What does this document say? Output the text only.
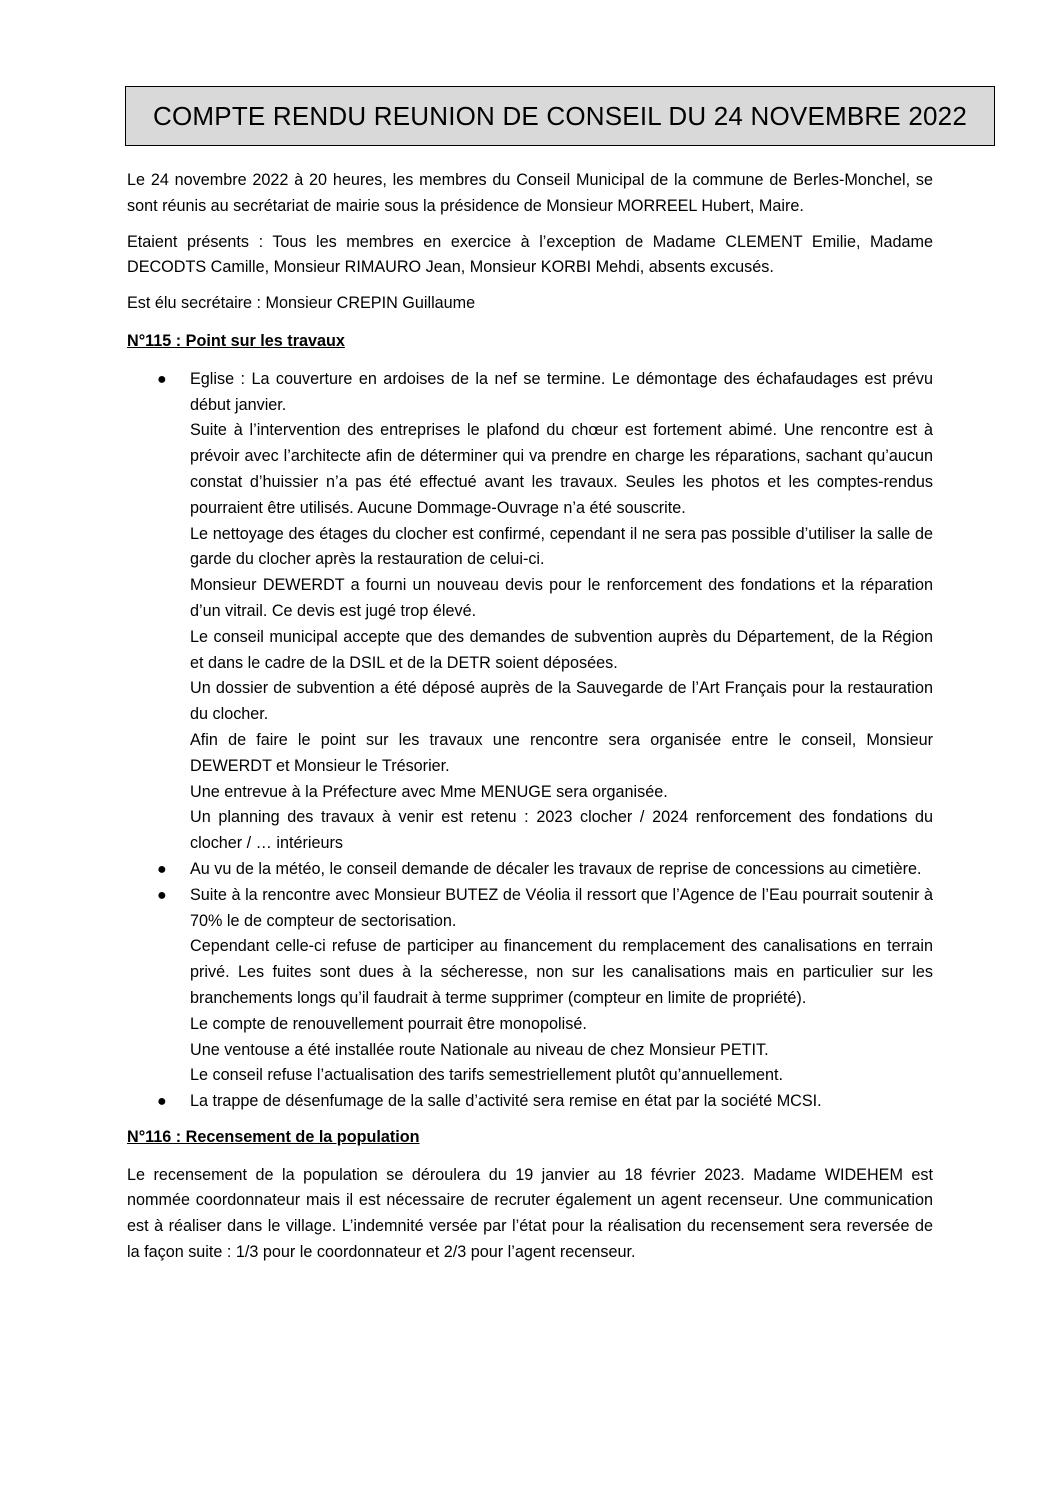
COMPTE RENDU REUNION DE CONSEIL DU 24 NOVEMBRE 2022

Le 24 novembre 2022 à 20 heures, les membres du Conseil Municipal de la commune de Berles-Monchel, se sont réunis au secrétariat de mairie sous la présidence de Monsieur MORREEL Hubert, Maire.

Etaient présents : Tous les membres en exercice à l’exception de Madame CLEMENT Emilie, Madame DECODTS Camille, Monsieur RIMAURO Jean, Monsieur KORBI Mehdi, absents excusés.

Est élu secrétaire : Monsieur CREPIN Guillaume

N°115 : Point sur les travaux
● Eglise : La couverture en ardoises de la nef se termine. Le démontage des échafaudages est prévu début janvier.
Suite à l’intervention des entreprises le plafond du chœur est fortement abimé. Une rencontre est à prévoir avec l’architecte afin de déterminer qui va prendre en charge les réparations, sachant qu’aucun constat d’huissier n’a pas été effectué avant les travaux. Seules les photos et les comptes-rendus pourraient être utilisés. Aucune Dommage-Ouvrage n’a été souscrite.
Le nettoyage des étages du clocher est confirmé, cependant il ne sera pas possible d’utiliser la salle de garde du clocher après la restauration de celui-ci.
Monsieur DEWERDT a fourni un nouveau devis pour le renforcement des fondations et la réparation d’un vitrail. Ce devis est jugé trop élevé.
Le conseil municipal accepte que des demandes de subvention auprès du Département, de la Région et dans le cadre de la DSIL et de la DETR soient déposées.
Un dossier de subvention a été déposé auprès de la Sauvegarde de l’Art Français pour la restauration du clocher.
Afin de faire le point sur les travaux une rencontre sera organisée entre le conseil, Monsieur DEWERDT et Monsieur le Trésorier.
Une entrevue à la Préfecture avec Mme MENUGE sera organisée.
Un planning des travaux à venir est retenu : 2023 clocher / 2024 renforcement des fondations du clocher / … intérieurs
● Au vu de la météo, le conseil demande de décaler les travaux de reprise de concessions au cimetière.
● Suite à la rencontre avec Monsieur BUTEZ de Véolia il ressort que l’Agence de l’Eau pourrait soutenir à 70% le de compteur de sectorisation.
Cependant celle-ci refuse de participer au financement du remplacement des canalisations en terrain privé. Les fuites sont dues à la sécheresse, non sur les canalisations mais en particulier sur les branchements longs qu’il faudrait à terme supprimer (compteur en limite de propriété).
Le compte de renouvellement pourrait être monopolisé.
Une ventouse a été installée route Nationale au niveau de chez Monsieur PETIT.
Le conseil refuse l’actualisation des tarifs semestriellement plutôt qu’annuellement.
● La trappe de désenfumage de la salle d’activité sera remise en état par la société MCSI.
N°116 : Recensement de la population

Le recensement de la population se déroulera du 19 janvier au 18 février 2023. Madame WIDEHEM est nommée coordonnateur mais il est nécessaire de recruter également un agent recenseur. Une communication est à réaliser dans le village. L’indemnité versée par l’état pour la réalisation du recensement sera reversée de la façon suite : 1/3 pour le coordonnateur et 2/3 pour l’agent recenseur.
